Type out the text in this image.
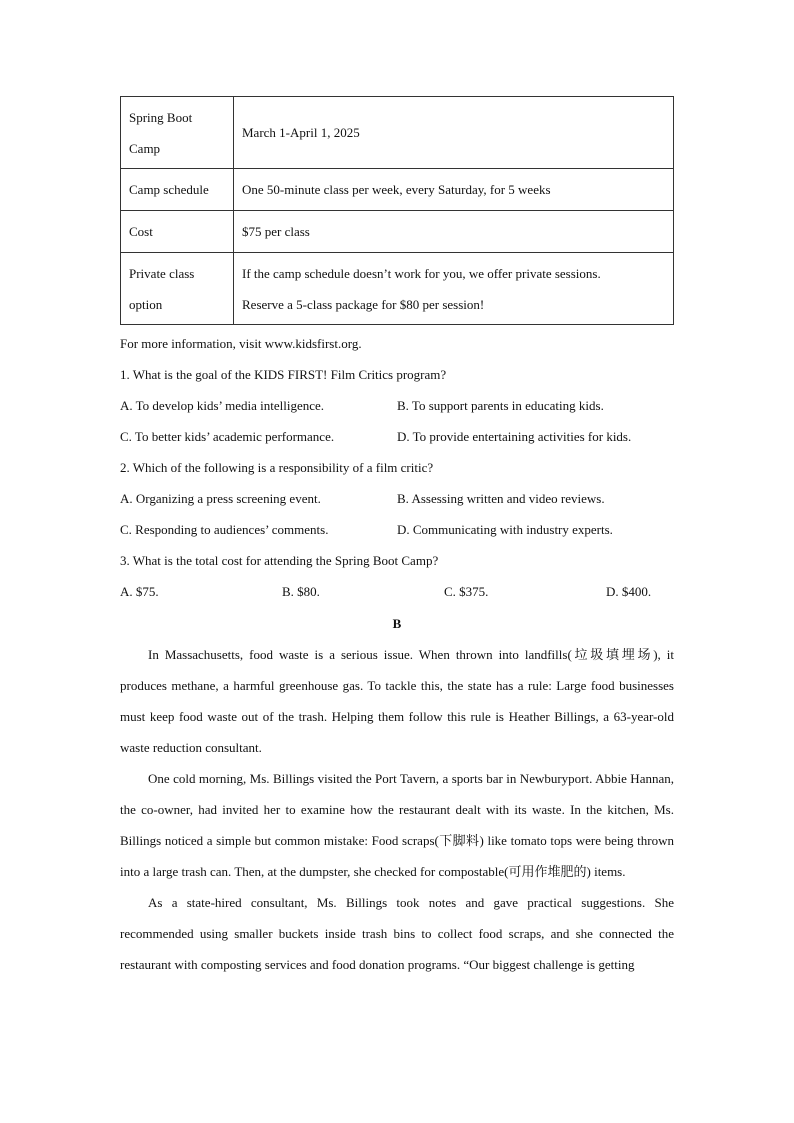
Spring Boot Camp	March 1-April 1, 2025

Camp schedule	One 50-minute class per week, every Saturday, for 5 weeks

Cost	$75 per class

Private class option	If the camp schedule doesn’t work for you, we offer private sessions.
Reserve a 5-class package for $80 per session!
For more information, visit www.kidsfirst.org.
1. What is the goal of the KIDS FIRST! Film Critics program?
A. To develop kids’ media intelligence.	B. To support parents in educating kids.
C. To better kids’ academic performance.	D. To provide entertaining activities for kids.
2. Which of the following is a responsibility of a film critic?
A. Organizing a press screening event.	B. Assessing written and video reviews.
C. Responding to audiences’ comments.	D. Communicating with industry experts.
3. What is the total cost for attending the Spring Boot Camp?
A. $75.	B. $80.	C. $375.	D. $400.
B

In Massachusetts, food waste is a serious issue. When thrown into landfills(垃圾填埋场), it produces methane, a harmful greenhouse gas. To tackle this, the state has a rule: Large food businesses must keep food waste out of the trash. Helping them follow this rule is Heather Billings, a 63-year-old waste reduction consultant.

One cold morning, Ms. Billings visited the Port Tavern, a sports bar in Newburyport. Abbie Hannan, the co-owner, had invited her to examine how the restaurant dealt with its waste. In the kitchen, Ms. Billings noticed a simple but common mistake: Food scraps(下脚料) like tomato tops were being thrown into a large trash can. Then, at the dumpster, she checked for compostable(可用作堆肥的) items.

As a state-hired consultant, Ms. Billings took notes and gave practical suggestions. She recommended using smaller buckets inside trash bins to collect food scraps, and she connected the restaurant with composting services and food donation programs. “Our biggest challenge is getting
